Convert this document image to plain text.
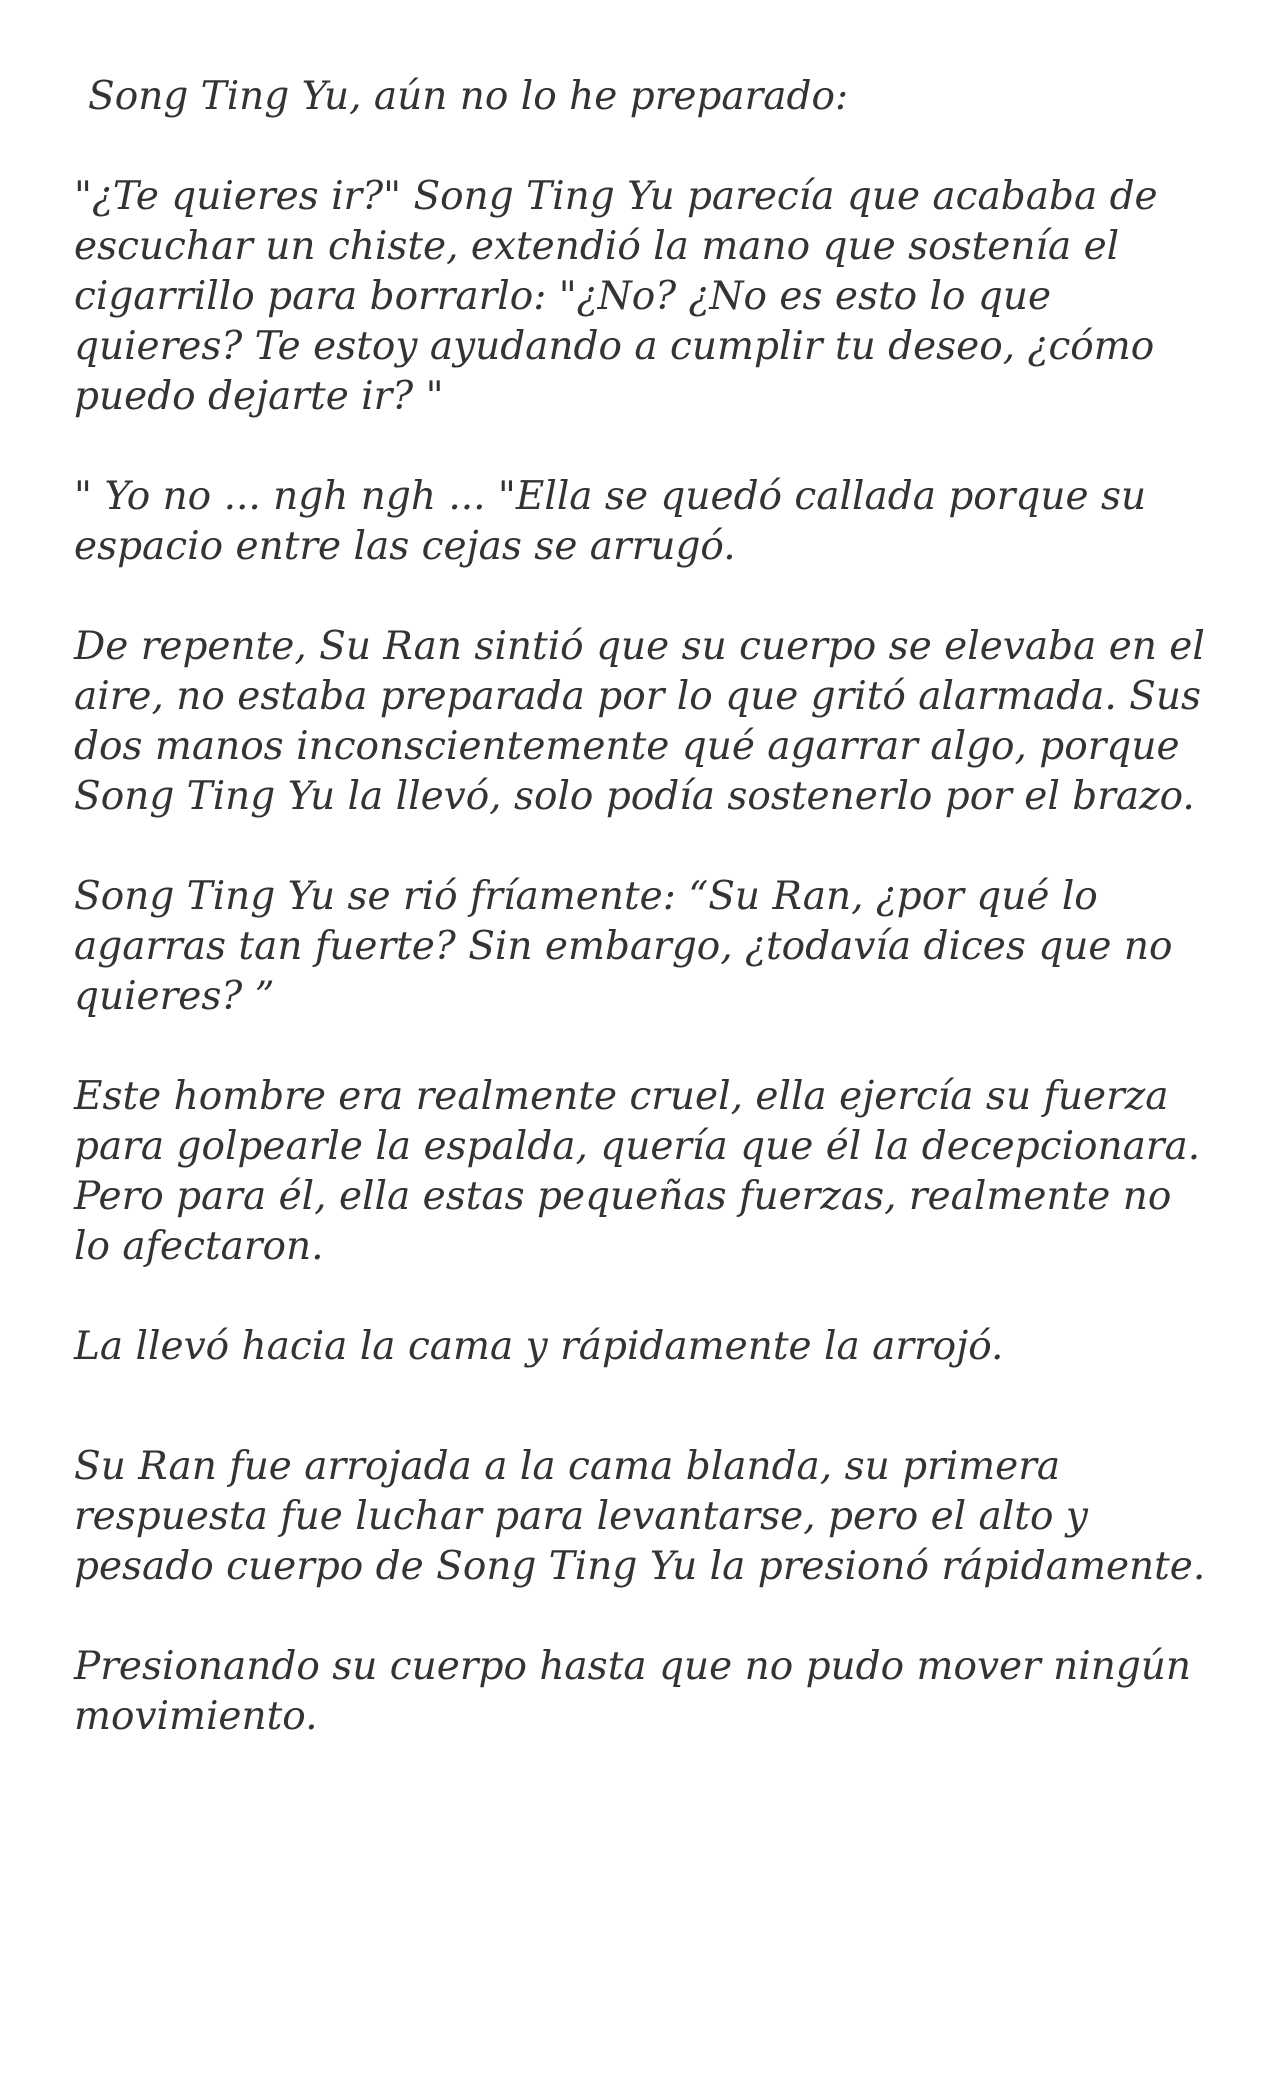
Song Ting Yu, aún no lo he preparado:

"¿Te quieres ir?" Song Ting Yu parecía que acababa de escuchar un chiste, extendió la mano que sostenía el cigarrillo para borrarlo: "¿No? ¿No es esto lo que quieres? Te estoy ayudando a cumplir tu deseo, ¿cómo puedo dejarte ir? "

" Yo no ... ngh ngh ... "Ella se quedó callada porque su espacio entre las cejas se arrugó.

De repente, Su Ran sintió que su cuerpo se elevaba en el aire, no estaba preparada por lo que gritó alarmada. Sus dos manos inconscientemente qué agarrar algo, porque Song Ting Yu la llevó, solo podía sostenerlo por el brazo.

Song Ting Yu se rió fríamente: “Su Ran, ¿por qué lo agarras tan fuerte? Sin embargo, ¿todavía dices que no quieres? ”

Este hombre era realmente cruel, ella ejercía su fuerza para golpearle la espalda, quería que él la decepcionara. Pero para él, ella estas pequeñas fuerzas, realmente no lo afectaron.

La llevó hacia la cama y rápidamente la arrojó.

Su Ran fue arrojada a la cama blanda, su primera respuesta fue luchar para levantarse, pero el alto y pesado cuerpo de Song Ting Yu la presionó rápidamente.

Presionando su cuerpo hasta que no pudo mover ningún movimiento.
